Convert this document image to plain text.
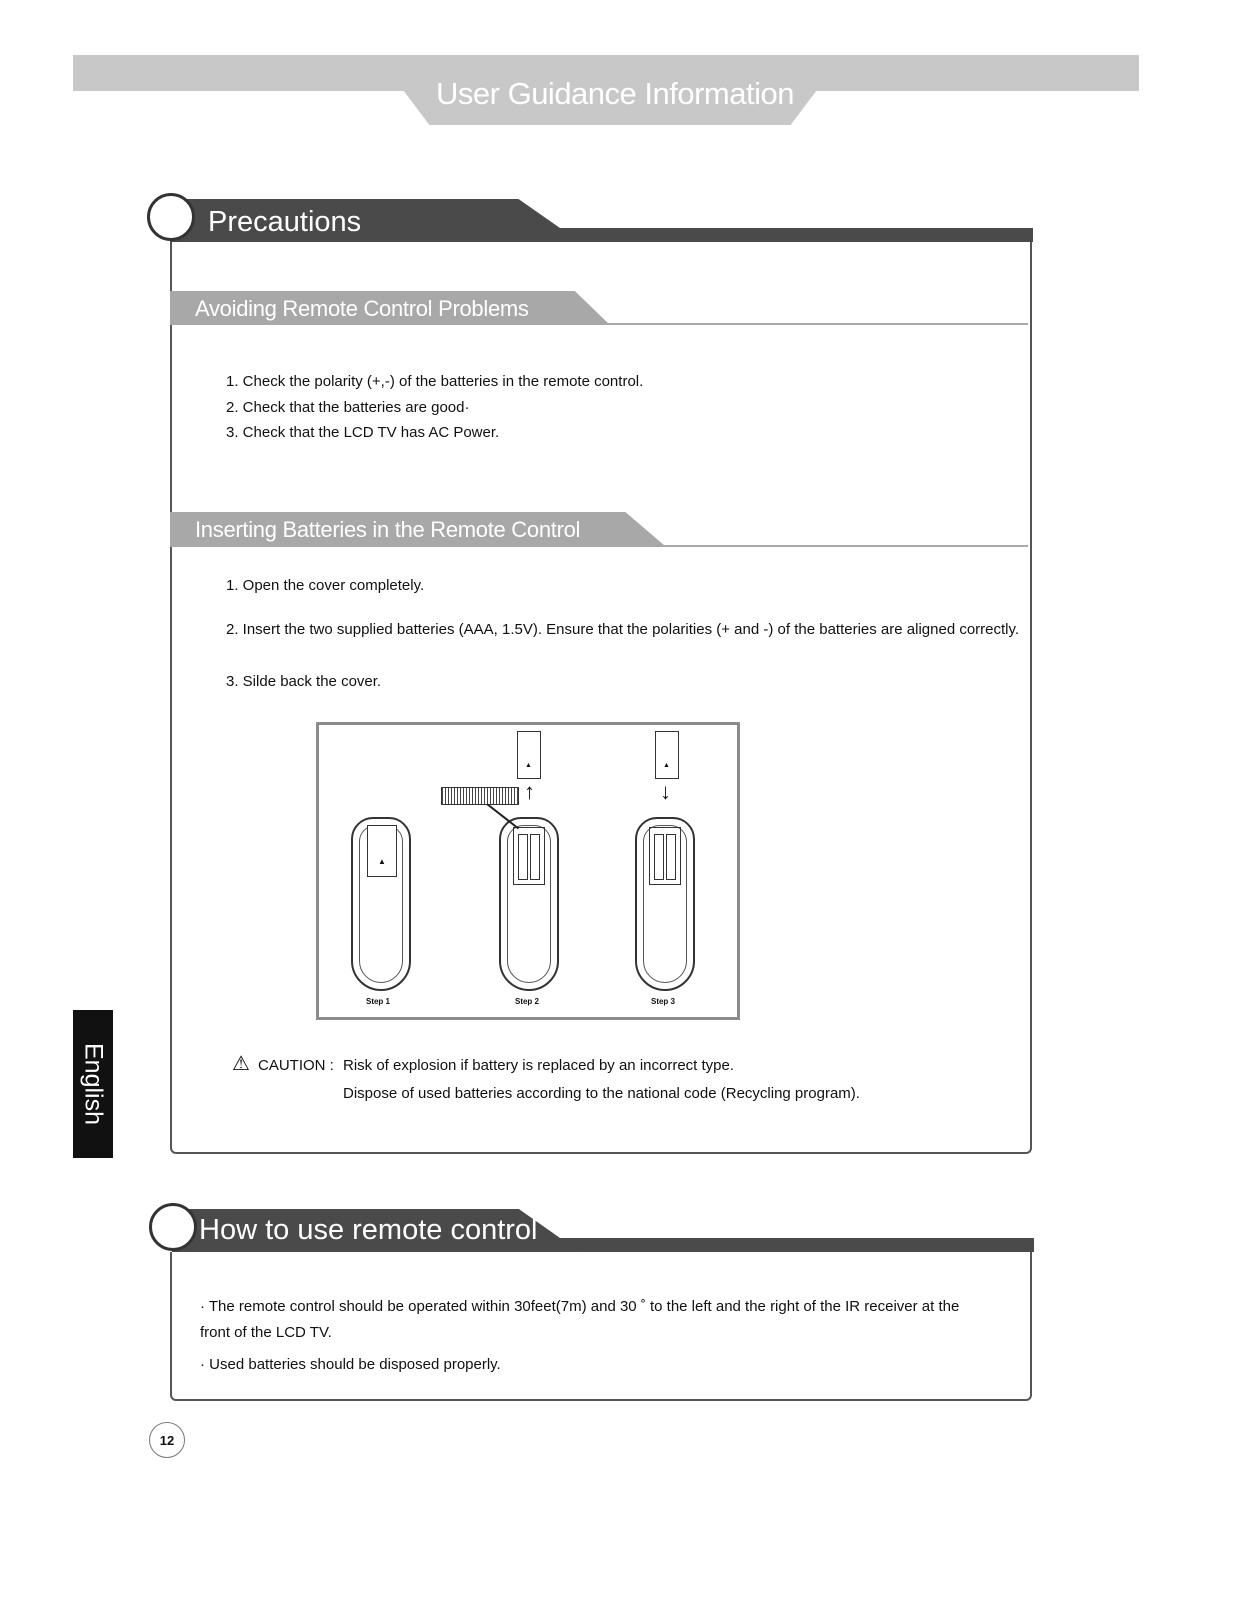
User Guidance Information
Precautions
Avoiding Remote Control Problems
1. Check the polarity (+,-) of the batteries in the remote control.
2. Check that the batteries are good·
3. Check that the LCD TV has AC Power.
Inserting Batteries in the Remote Control
1. Open the cover completely.
2. Insert the two supplied batteries (AAA, 1.5V). Ensure that the polarities (+ and -) of the batteries are aligned correctly.
3. Silde back the cover.
▲
▲
↑
▲
↓
Step 1	Step 2	Step 3
⚠ CAUTION : Risk of explosion if battery is replaced by an incorrect type.
Dispose of used batteries according to the national code (Recycling program).
How to use remote control
· The remote control should be operated within 30feet(7m) and 30 ˚ to the left and the right of the IR receiver at the front of the LCD TV.
· Used batteries should be disposed properly.
English
12
